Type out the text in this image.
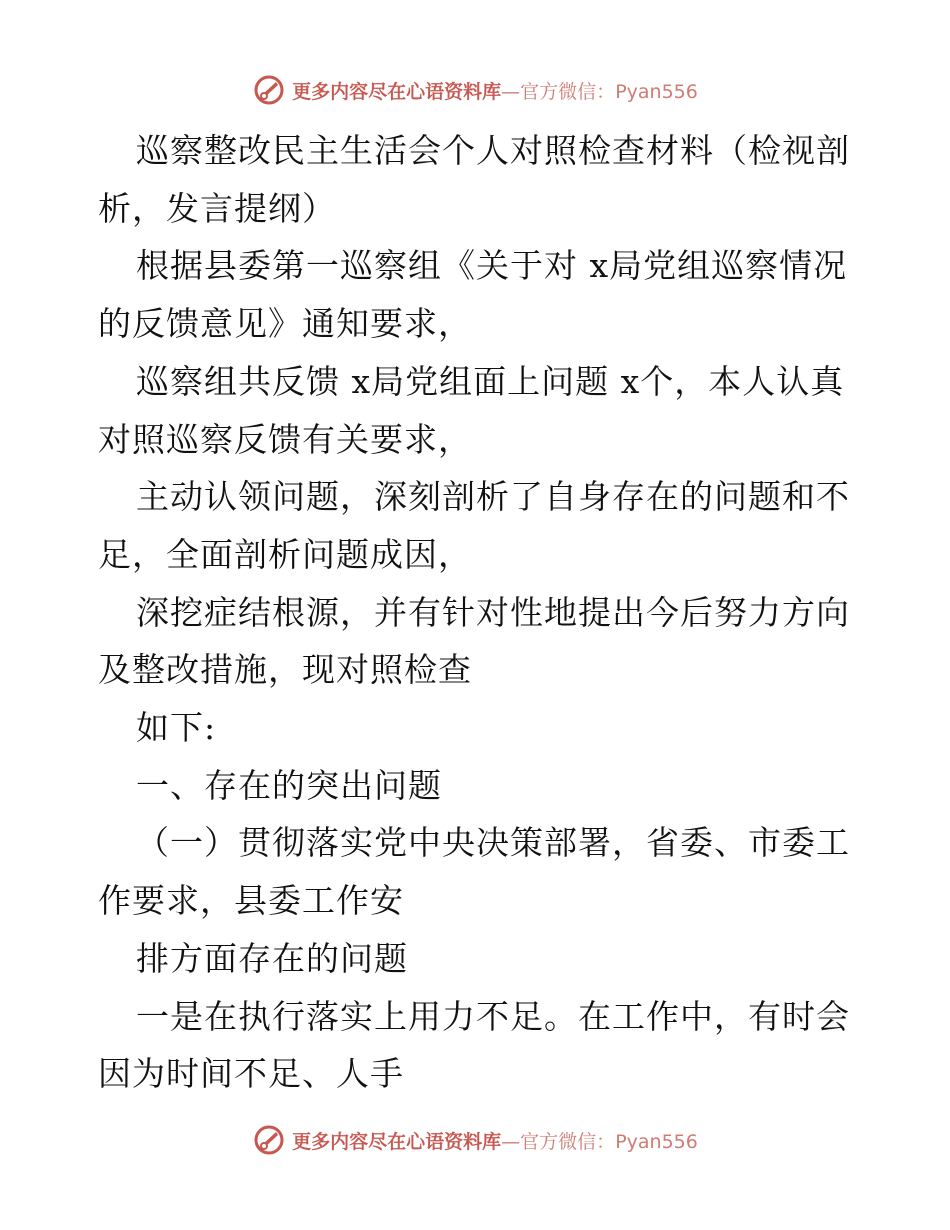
更多内容尽在心语资料库—官方微信：Pyan556

巡察整改民主生活会个人对照检查材料（检视剖析，发言提纲）

根据县委第一巡察组《关于对 x局党组巡察情况的反馈意见》通知要求，

巡察组共反馈 x局党组面上问题 x个，本人认真对照巡察反馈有关要求，

主动认领问题，深刻剖析了自身存在的问题和不足，全面剖析问题成因，

深挖症结根源，并有针对性地提出今后努力方向及整改措施，现对照检查

如下:

一、存在的突出问题

（一）贯彻落实党中央决策部署，省委、市委工作要求，县委工作安

排方面存在的问题

一是在执行落实上用力不足。在工作中，有时会因为时间不足、人手

更多内容尽在心语资料库—官方微信：Pyan556
